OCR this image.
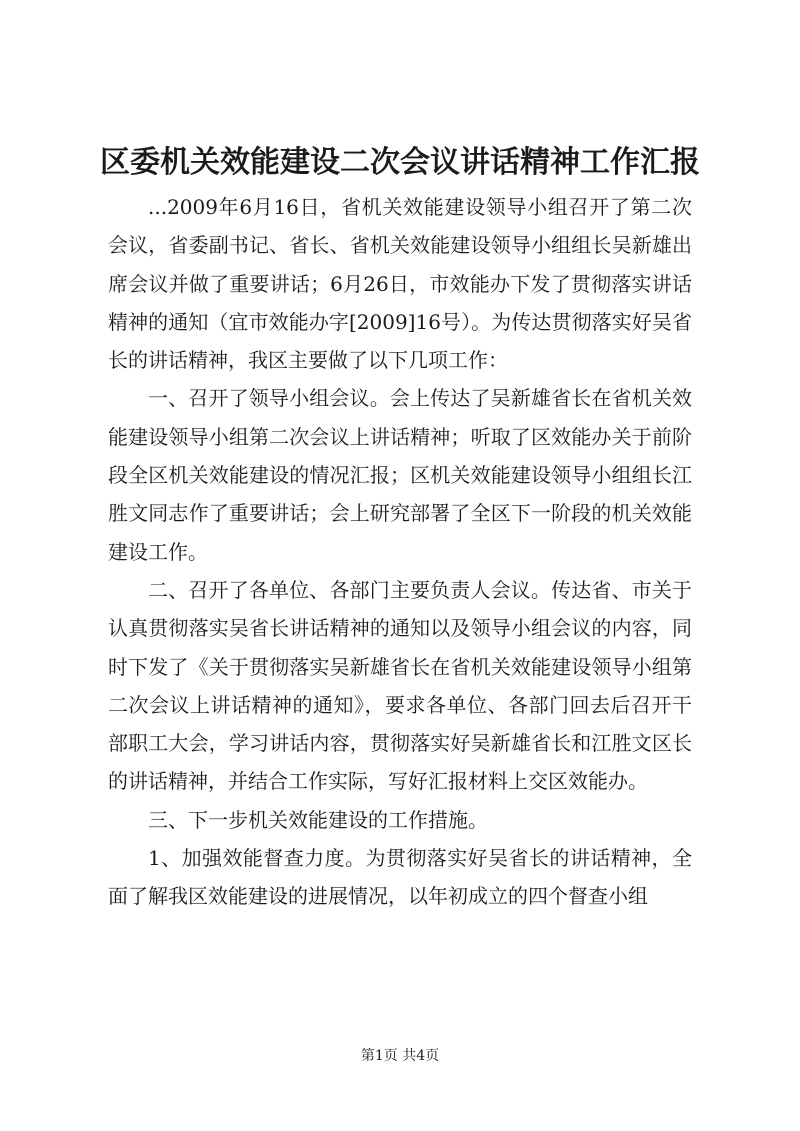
区委机关效能建设二次会议讲话精神工作汇报

...2009年6月16日，省机关效能建设领导小组召开了第二次会议，省委副书记、省长、省机关效能建设领导小组组长吴新雄出席会议并做了重要讲话；6月26日，市效能办下发了贯彻落实讲话精神的通知（宜市效能办字[2009]16号）。为传达贯彻落实好吴省长的讲话精神，我区主要做了以下几项工作：

一、召开了领导小组会议。会上传达了吴新雄省长在省机关效能建设领导小组第二次会议上讲话精神；听取了区效能办关于前阶段全区机关效能建设的情况汇报；区机关效能建设领导小组组长江胜文同志作了重要讲话；会上研究部署了全区下一阶段的机关效能建设工作。

二、召开了各单位、各部门主要负责人会议。传达省、市关于认真贯彻落实吴省长讲话精神的通知以及领导小组会议的内容，同时下发了《关于贯彻落实吴新雄省长在省机关效能建设领导小组第二次会议上讲话精神的通知》，要求各单位、各部门回去后召开干部职工大会，学习讲话内容，贯彻落实好吴新雄省长和江胜文区长的讲话精神，并结合工作实际，写好汇报材料上交区效能办。

三、下一步机关效能建设的工作措施。

1、加强效能督查力度。为贯彻落实好吴省长的讲话精神，全面了解我区效能建设的进展情况，以年初成立的四个督查小组

第1页 共4页
